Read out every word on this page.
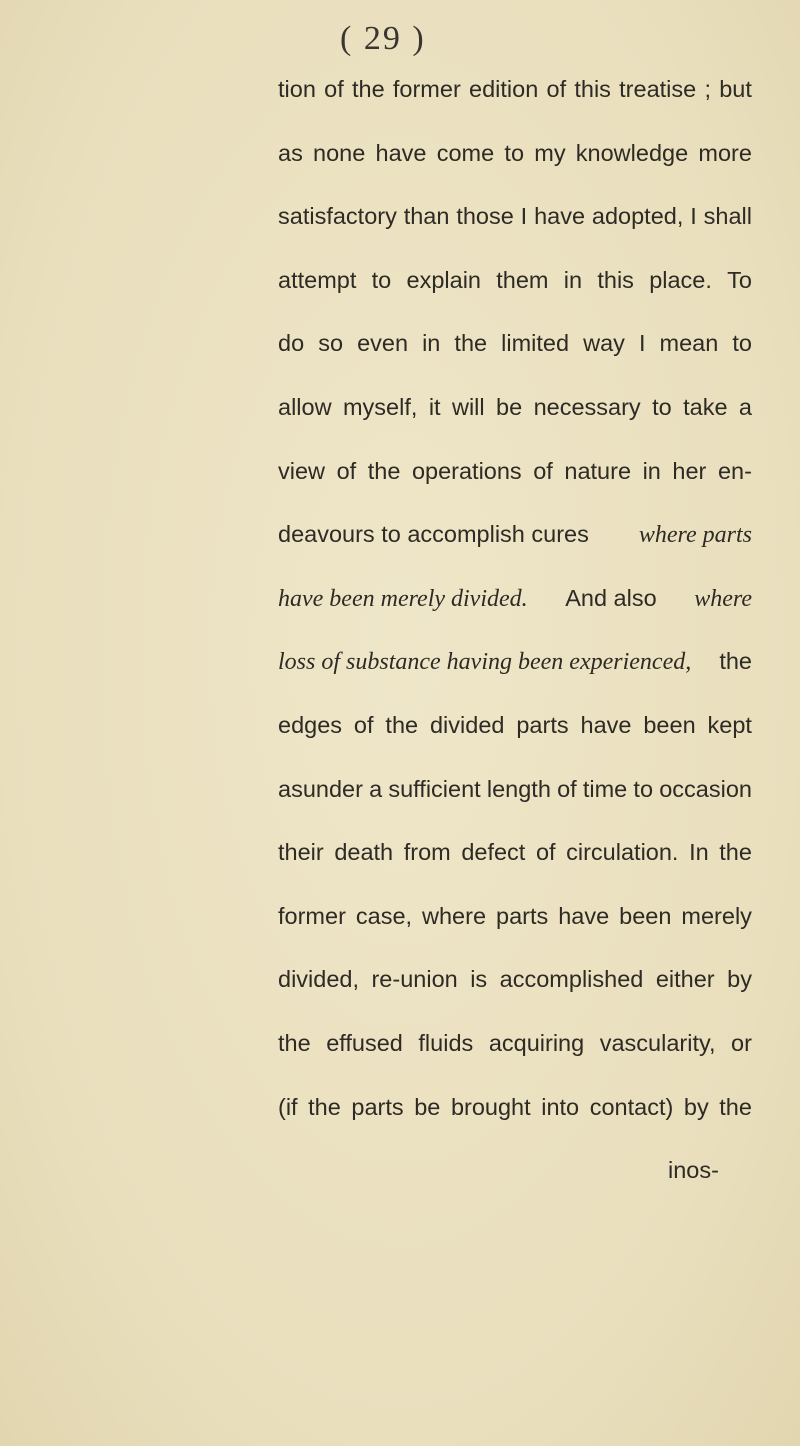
( 29 )
tion of the former edition of this treatise ; but
as none have come to my knowledge more
satisfactory than those I have adopted, I shall
attempt to explain them in this place. To
do so even in the limited way I mean to
allow myself, it will be necessary to take a
view of the operations of nature in her en-
deavours to accomplish cures where parts
have been merely divided. And also where
loss of substance having been experienced, the
edges of the divided parts have been kept
asunder a sufficient length of time to occasion
their death from defect of circulation. In the
former case, where parts have been merely
divided, re-union is accomplished either by
the effused fluids acquiring vascularity, or
(if the parts be brought into contact) by the
inos-
